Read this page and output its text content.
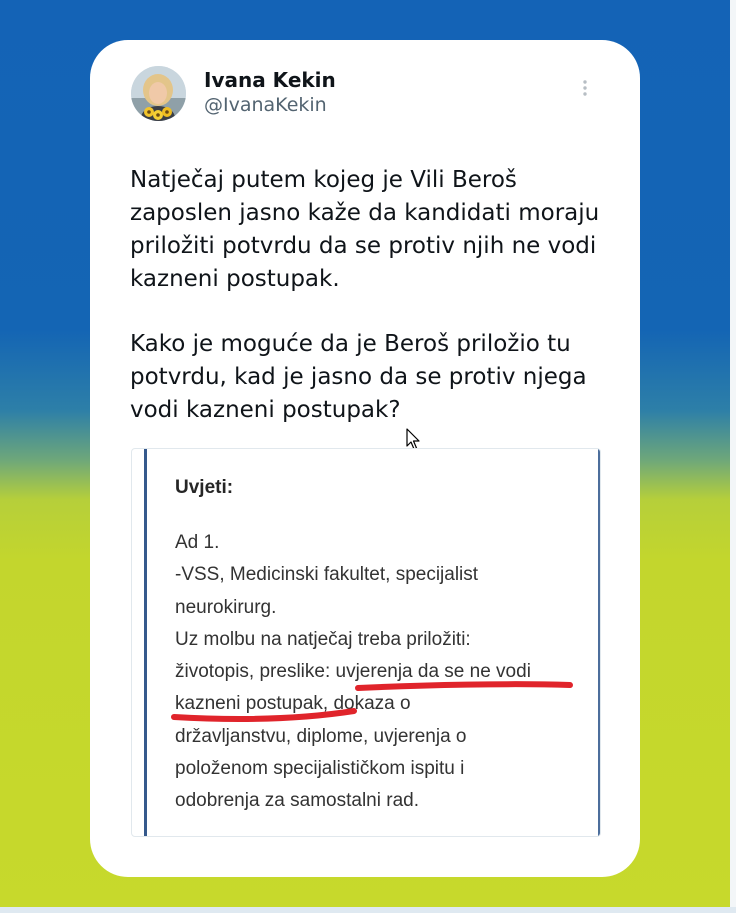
Ivana Kekin
@IvanaKekin

Natječaj putem kojeg je Vili Beroš zaposlen jasno kaže da kandidati moraju priložiti potvrdu da se protiv njih ne vodi kazneni postupak.

Kako je moguće da je Beroš priložio tu potvrdu, kad je jasno da se protiv njega vodi kazneni postupak?

Uvjeti:
Ad 1.
-VSS, Medicinski fakultet, specijalist
neurokirurg.
Uz molbu na natječaj treba priložiti:
životopis, preslike: uvjerenja da se ne vodi
kazneni postupak, dokaza o
državljanstvu, diplome, uvjerenja o
položenom specijalističkom ispitu i
odobrenja za samostalni rad.
